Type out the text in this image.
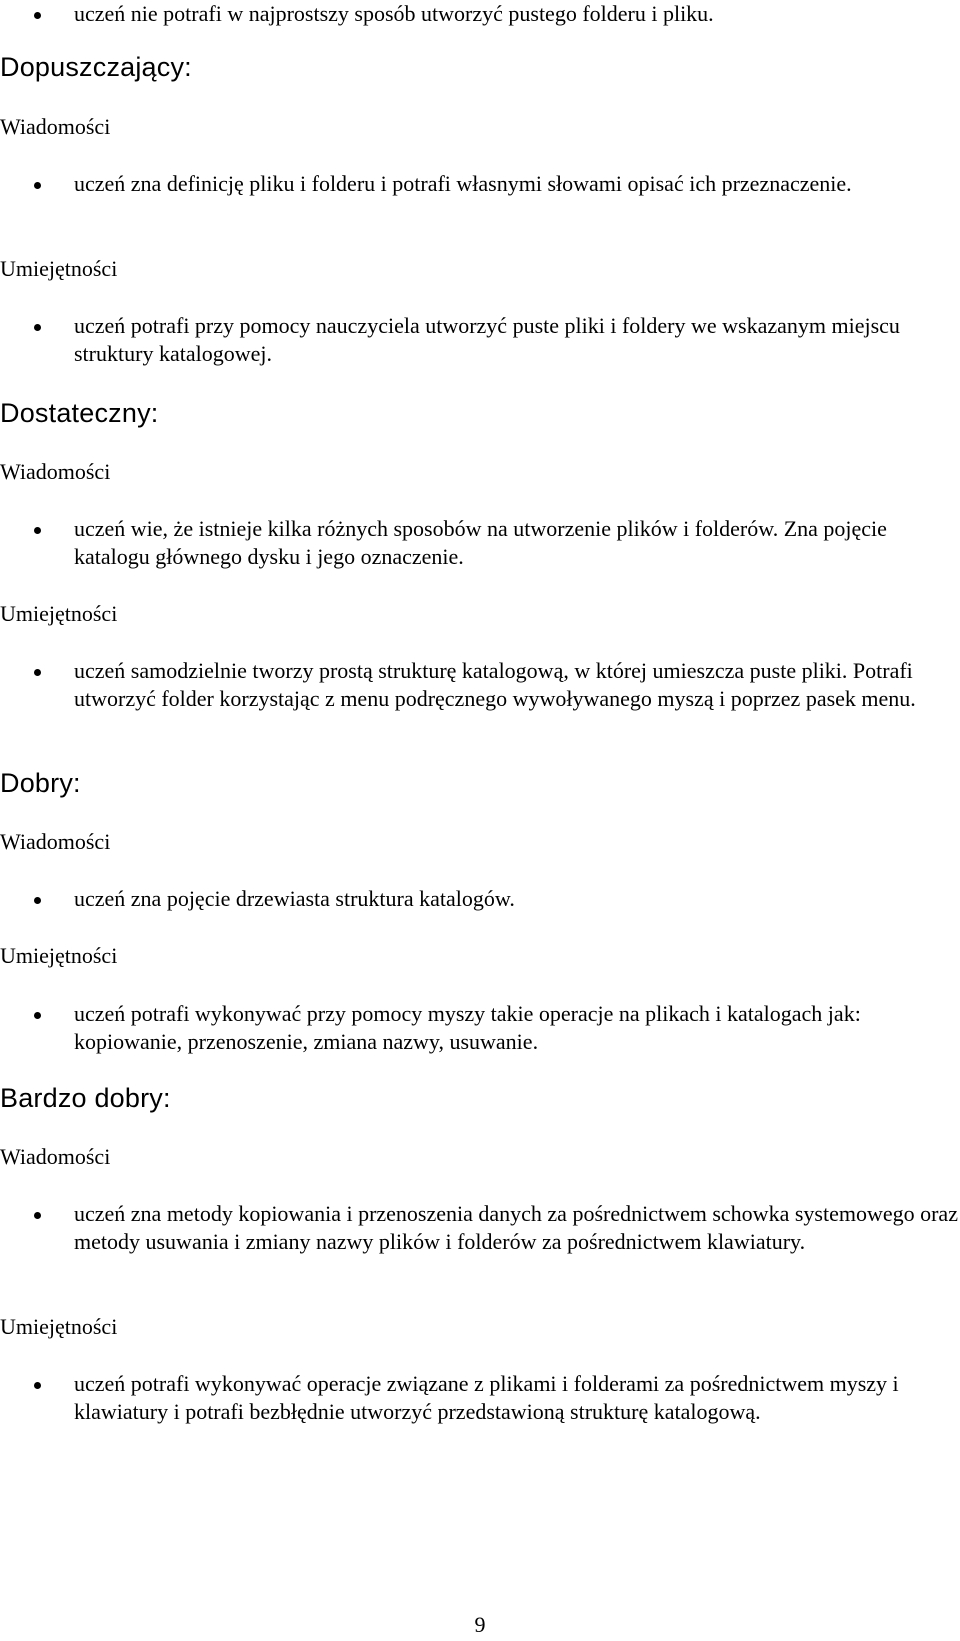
uczeń nie potrafi w najprostszy sposób utworzyć pustego folderu i pliku.
Dopuszczający:
Wiadomości
uczeń zna definicję pliku i folderu i potrafi własnymi słowami opisać ich przeznaczenie.
Umiejętności
uczeń potrafi przy pomocy nauczyciela utworzyć puste pliki i foldery we wskazanym miejscu struktury katalogowej.
Dostateczny:
Wiadomości
uczeń wie, że istnieje kilka różnych sposobów na utworzenie plików i folderów. Zna pojęcie katalogu głównego dysku i jego oznaczenie.
Umiejętności
uczeń samodzielnie tworzy prostą strukturę katalogową, w której umieszcza puste pliki. Potrafi utworzyć folder korzystając z menu podręcznego wywoływanego myszą i poprzez pasek menu.
Dobry:
Wiadomości
uczeń zna pojęcie drzewiasta struktura katalogów.
Umiejętności
uczeń potrafi wykonywać przy pomocy myszy takie operacje na plikach i katalogach jak: kopiowanie, przenoszenie, zmiana nazwy, usuwanie.
Bardzo dobry:
Wiadomości
uczeń zna metody kopiowania i przenoszenia danych za pośrednictwem schowka systemowego oraz metody usuwania i zmiany nazwy plików i folderów za pośrednictwem klawiatury.
Umiejętności
uczeń potrafi wykonywać operacje związane z plikami i folderami za pośrednictwem myszy i klawiatury i potrafi bezbłędnie utworzyć przedstawioną strukturę katalogową.
9
